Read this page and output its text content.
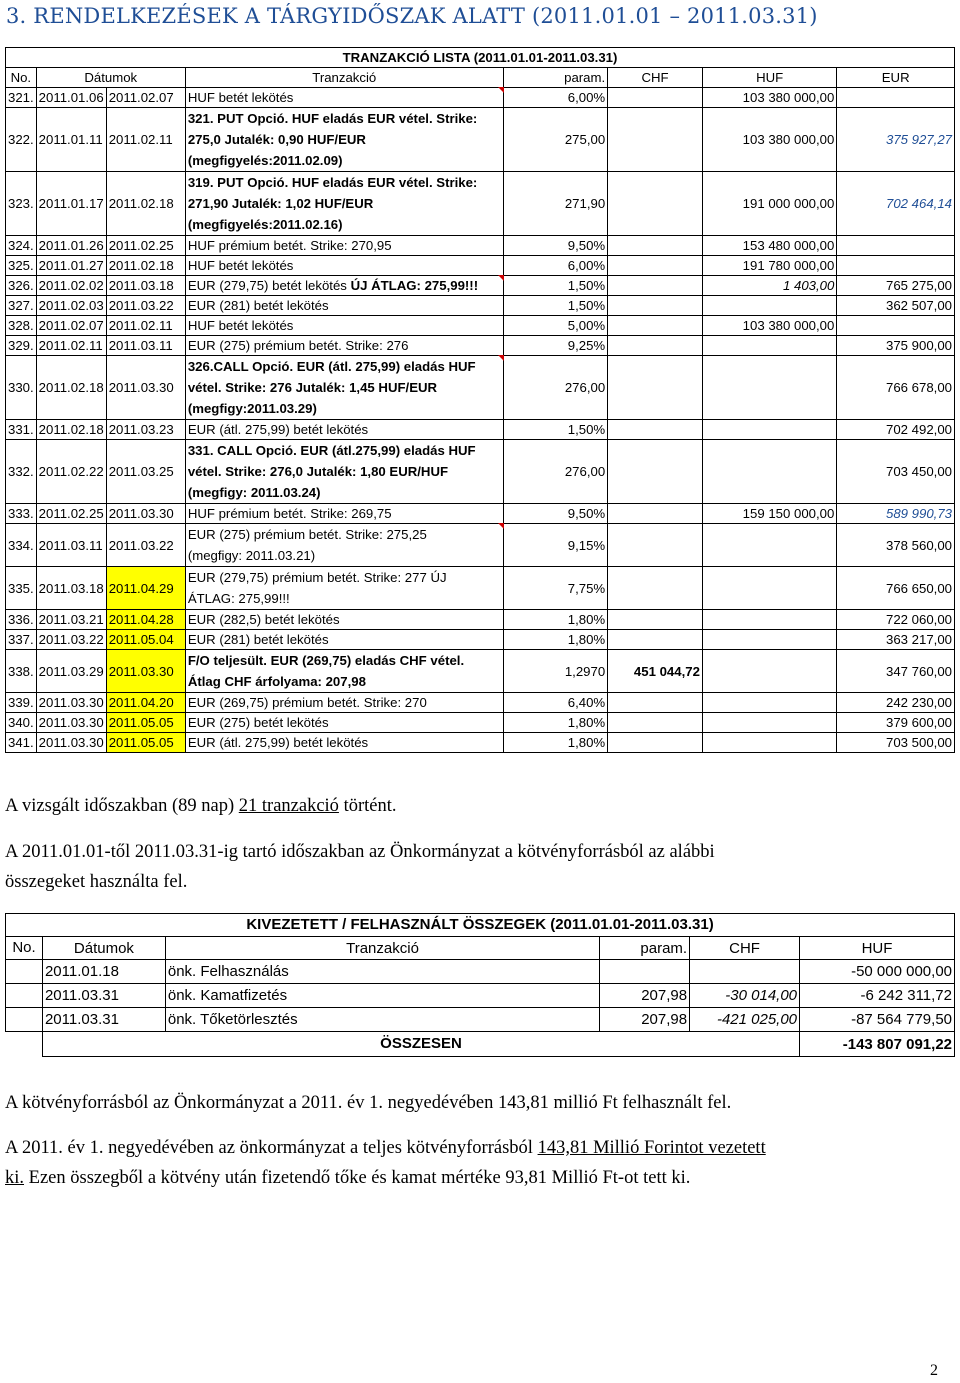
3. RENDELKEZÉSEK A TÁRGYIDŐSZAK ALATT (2011.01.01 – 2011.03.31)
TRANZAKCIÓ LISTA (2011.01.01-2011.03.31)							
No.	Dátumok		Tranzakció	param.	CHF	HUF	EUR
321.	2011.01.06	2011.02.07	HUF betét lekötés	6,00%		103 380 000,00	
322.	2011.01.11	2011.02.11	321. PUT Opció. HUF eladás EUR vétel. Strike:
275,0 Jutalék: 0,90 HUF/EUR
(megfigyelés:2011.02.09)	275,00		103 380 000,00	375 927,27
323.	2011.01.17	2011.02.18	319. PUT Opció. HUF eladás EUR vétel. Strike:
271,90 Jutalék: 1,02 HUF/EUR
(megfigyelés:2011.02.16)	271,90		191 000 000,00	702 464,14
324.	2011.01.26	2011.02.25	HUF prémium betét. Strike: 270,95	9,50%		153 480 000,00	
325.	2011.01.27	2011.02.18	HUF betét lekötés	6,00%		191 780 000,00	
326.	2011.02.02	2011.03.18	EUR (279,75) betét lekötés ÚJ ÁTLAG: 275,99!!!	1,50%		1 403,00	765 275,00
327.	2011.02.03	2011.03.22	EUR (281) betét lekötés	1,50%			362 507,00
328.	2011.02.07	2011.02.11	HUF betét lekötés	5,00%		103 380 000,00	
329.	2011.02.11	2011.03.11	EUR (275) prémium betét. Strike: 276	9,25%			375 900,00
330.	2011.02.18	2011.03.30	326.CALL Opció. EUR (átl. 275,99) eladás HUF
vétel. Strike: 276 Jutalék: 1,45 HUF/EUR
(megfigy:2011.03.29)	276,00			766 678,00
331.	2011.02.18	2011.03.23	EUR (átl. 275,99) betét lekötés	1,50%			702 492,00
332.	2011.02.22	2011.03.25	331. CALL Opció. EUR (átl.275,99) eladás HUF
vétel. Strike: 276,0 Jutalék: 1,80 EUR/HUF
(megfigy: 2011.03.24)	276,00			703 450,00
333.	2011.02.25	2011.03.30	HUF prémium betét. Strike: 269,75	9,50%		159 150 000,00	589 990,73
334.	2011.03.11	2011.03.22	EUR (275) prémium betét. Strike: 275,25
(megfigy: 2011.03.21)	9,15%			378 560,00
335.	2011.03.18	2011.04.29	EUR (279,75) prémium betét. Strike: 277 ÚJ
ÁTLAG: 275,99!!!	7,75%			766 650,00
336.	2011.03.21	2011.04.28	EUR (282,5) betét lekötés	1,80%			722 060,00
337.	2011.03.22	2011.05.04	EUR (281) betét lekötés	1,80%			363 217,00
338.	2011.03.29	2011.03.30	F/O teljesült. EUR (269,75) eladás CHF vétel.
Átlag CHF árfolyama: 207,98	1,2970	451 044,72		347 760,00
339.	2011.03.30	2011.04.20	EUR (269,75) prémium betét. Strike: 270	6,40%			242 230,00
340.	2011.03.30	2011.05.05	EUR (275) betét lekötés	1,80%			379 600,00
341.	2011.03.30	2011.05.05	EUR (átl. 275,99) betét lekötés	1,80%			703 500,00
A vizsgált időszakban (89 nap) 21 tranzakció történt.
A 2011.01.01-től 2011.03.31-ig tartó időszakban az Önkormányzat a kötvényforrásból az alábbi
összegeket használta fel.
KIVEZETETT / FELHASZNÁLT ÖSSZEGEK (2011.01.01-2011.03.31)					
No.	Dátumok	Tranzakció	param.	CHF	HUF
	2011.01.18	önk. Felhasználás			-50 000 000,00
	2011.03.31	önk. Kamatfizetés	207,98	-30 014,00	-6 242 311,72
	2011.03.31	önk. Tőketörlesztés	207,98	-421 025,00	-87 564 779,50
	ÖSSZESEN				-143 807 091,22
A kötvényforrásból az Önkormányzat a 2011. év 1. negyedévében 143,81 millió Ft felhasznált fel.
A 2011. év 1. negyedévében az önkormányzat a teljes kötvényforrásból 143,81 Millió Forintot vezetett
ki. Ezen összegből a kötvény után fizetendő tőke és kamat mértéke 93,81 Millió Ft-ot tett ki.
2
